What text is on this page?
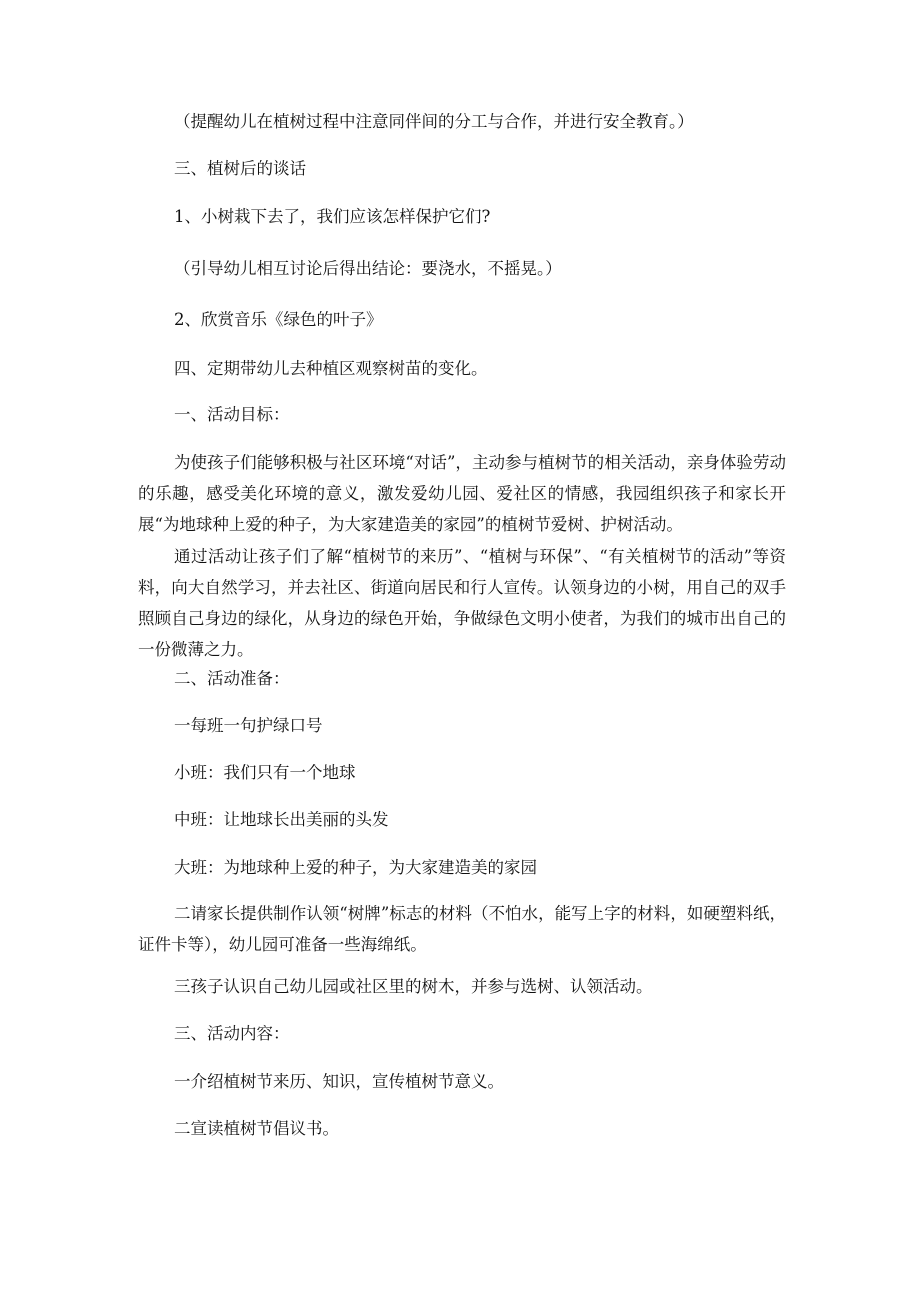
（提醒幼儿在植树过程中注意同伴间的分工与合作，并进行安全教育。）
三、植树后的谈话
1、小树栽下去了，我们应该怎样保护它们?
（引导幼儿相互讨论后得出结论：要浇水，不摇晃。）
2、欣赏音乐《绿色的叶子》
四、定期带幼儿去种植区观察树苗的变化。
一、活动目标：
为使孩子们能够积极与社区环境“对话”，主动参与植树节的相关活动，亲身体验劳动的乐趣，感受美化环境的意义，激发爱幼儿园、爱社区的情感，我园组织孩子和家长开展“为地球种上爱的种子，为大家建造美的家园”的植树节爱树、护树活动。
通过活动让孩子们了解“植树节的来历”、“植树与环保”、“有关植树节的活动”等资料，向大自然学习，并去社区、街道向居民和行人宣传。认领身边的小树，用自己的双手照顾自己身边的绿化，从身边的绿色开始，争做绿色文明小使者，为我们的城市出自己的一份微薄之力。
二、活动准备：
一每班一句护绿口号
小班：我们只有一个地球
中班：让地球长出美丽的头发
大班：为地球种上爱的种子，为大家建造美的家园
二请家长提供制作认领“树牌”标志的材料（不怕水，能写上字的材料，如硬塑料纸，证件卡等），幼儿园可准备一些海绵纸。
三孩子认识自己幼儿园或社区里的树木，并参与选树、认领活动。
三、活动内容：
一介绍植树节来历、知识，宣传植树节意义。
二宣读植树节倡议书。
